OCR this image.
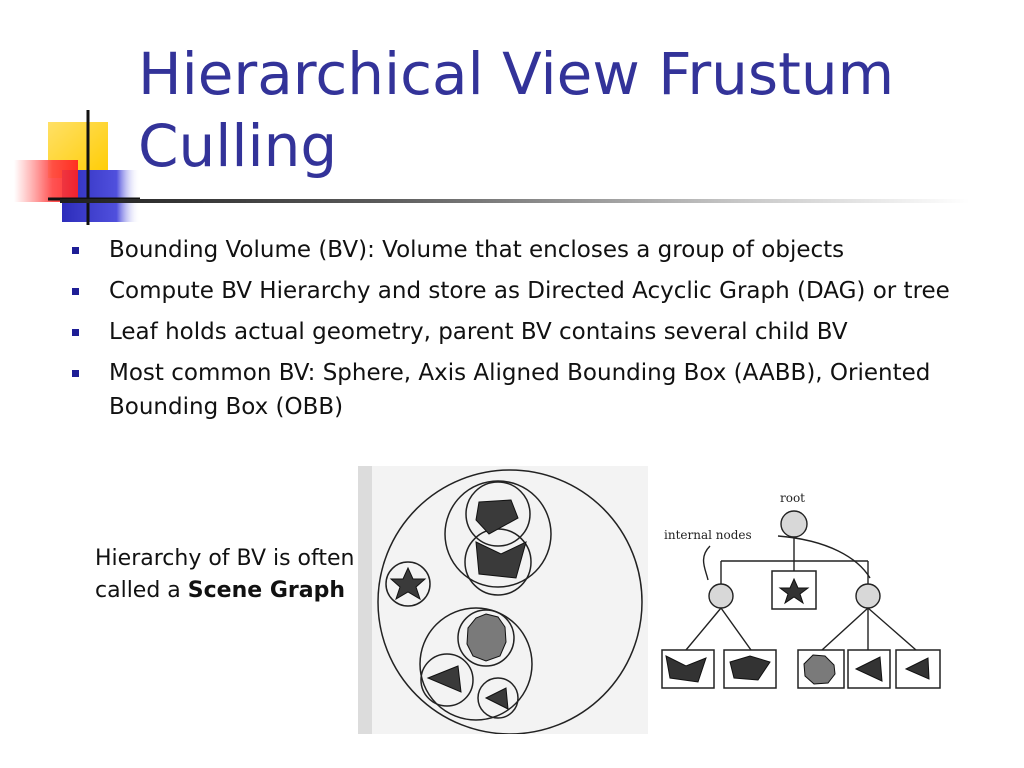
Hierarchical View Frustum Culling
Bounding Volume (BV): Volume that encloses a group of objects
Compute BV Hierarchy and store as Directed Acyclic Graph (DAG) or tree
Leaf holds actual geometry, parent BV contains several child BV
Most common BV: Sphere, Axis Aligned Bounding Box (AABB), Oriented Bounding Box (OBB)
Hierarchy of BV is often called a Scene Graph
root
internal nodes
